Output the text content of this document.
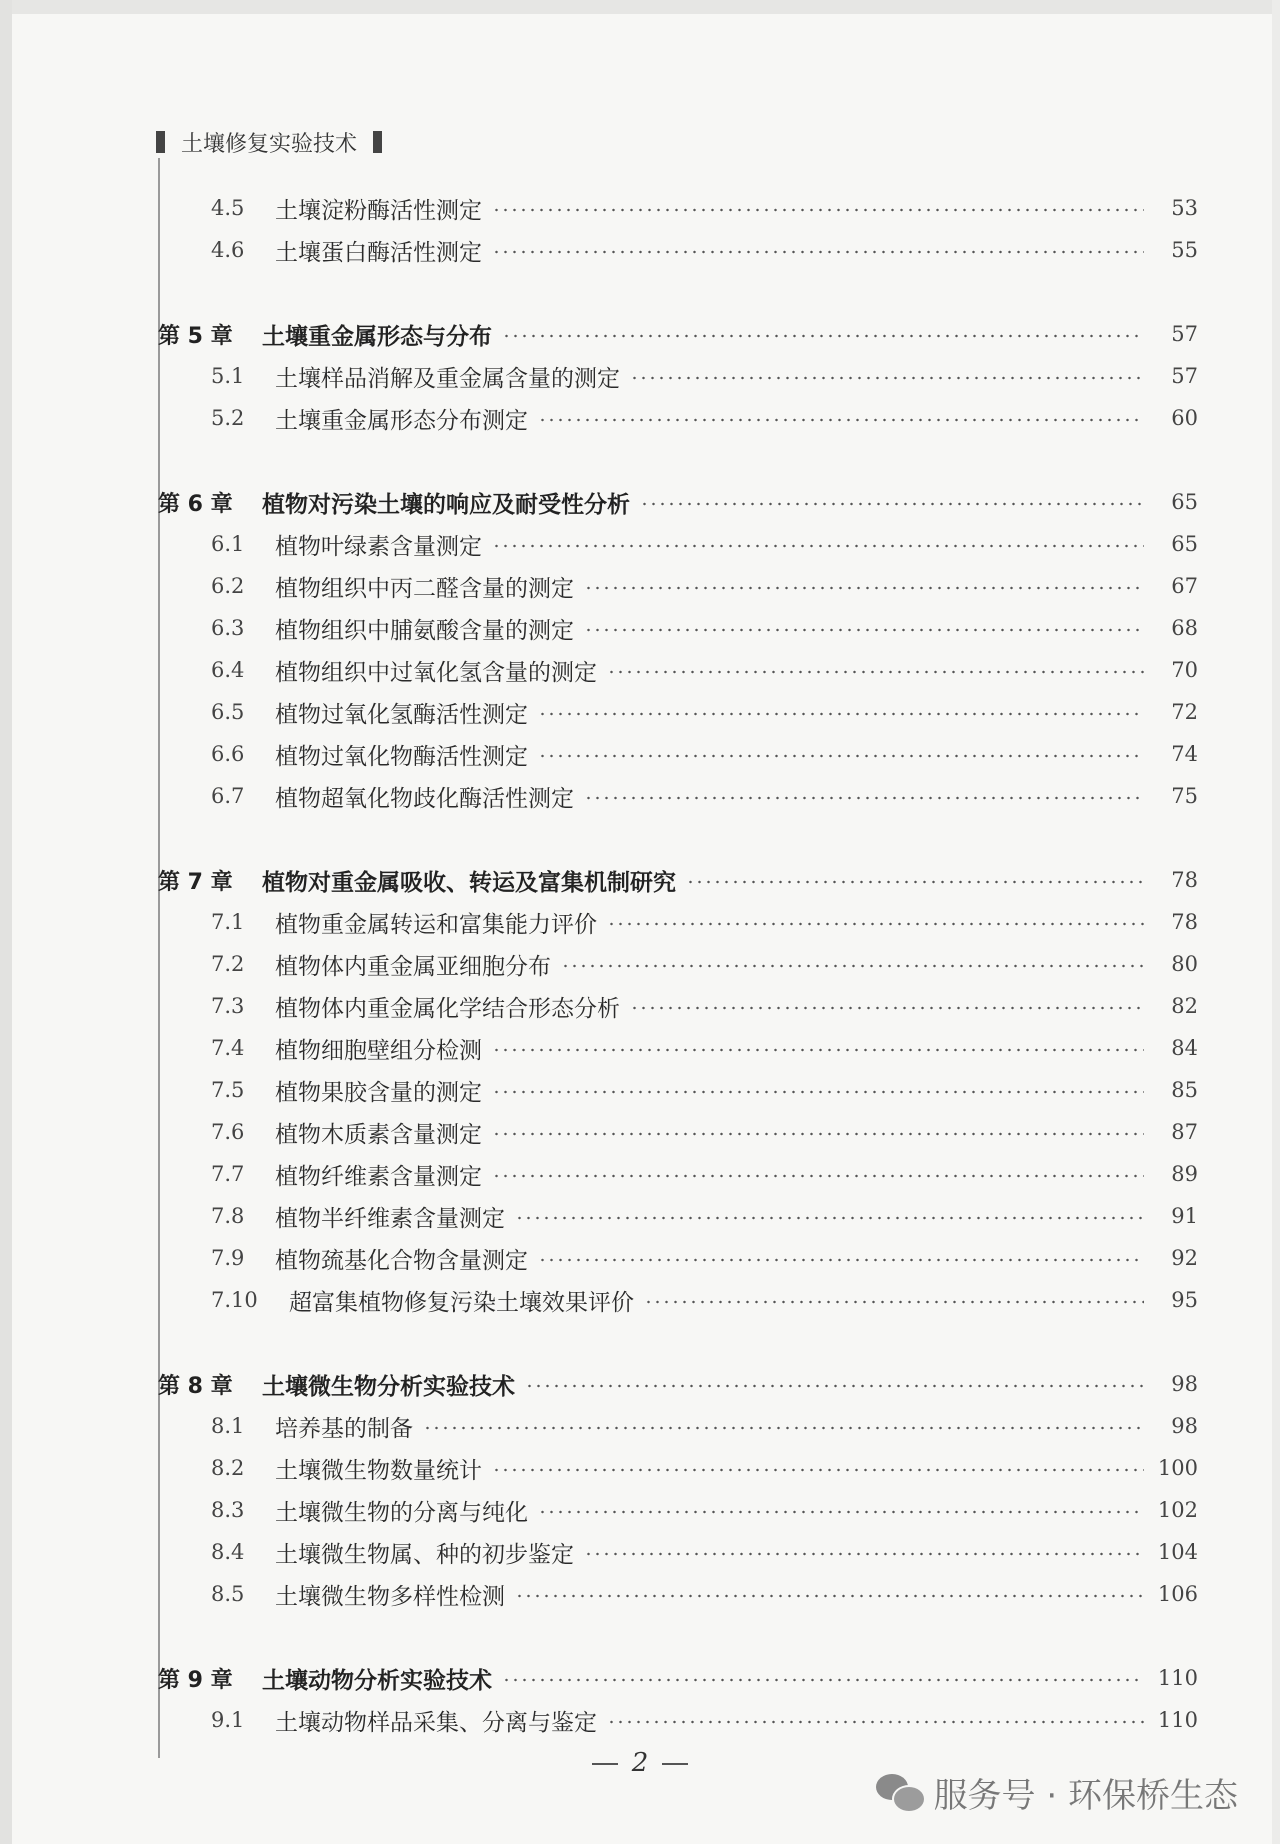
土壤修复实验技术
4.5	土壤淀粉酶活性测定	53
4.6	土壤蛋白酶活性测定	55
第 5 章	土壤重金属形态与分布	57
5.1	土壤样品消解及重金属含量的测定	57
5.2	土壤重金属形态分布测定	60
第 6 章	植物对污染土壤的响应及耐受性分析	65
6.1	植物叶绿素含量测定	65
6.2	植物组织中丙二醛含量的测定	67
6.3	植物组织中脯氨酸含量的测定	68
6.4	植物组织中过氧化氢含量的测定	70
6.5	植物过氧化氢酶活性测定	72
6.6	植物过氧化物酶活性测定	74
6.7	植物超氧化物歧化酶活性测定	75
第 7 章	植物对重金属吸收、转运及富集机制研究	78
7.1	植物重金属转运和富集能力评价	78
7.2	植物体内重金属亚细胞分布	80
7.3	植物体内重金属化学结合形态分析	82
7.4	植物细胞壁组分检测	84
7.5	植物果胶含量的测定	85
7.6	植物木质素含量测定	87
7.7	植物纤维素含量测定	89
7.8	植物半纤维素含量测定	91
7.9	植物巯基化合物含量测定	92
7.10	超富集植物修复污染土壤效果评价	95
第 8 章	土壤微生物分析实验技术	98
8.1	培养基的制备	98
8.2	土壤微生物数量统计	100
8.3	土壤微生物的分离与纯化	102
8.4	土壤微生物属、种的初步鉴定	104
8.5	土壤微生物多样性检测	106
第 9 章	土壤动物分析实验技术	110
9.1	土壤动物样品采集、分离与鉴定	110
2
服务号 · 环保桥生态
